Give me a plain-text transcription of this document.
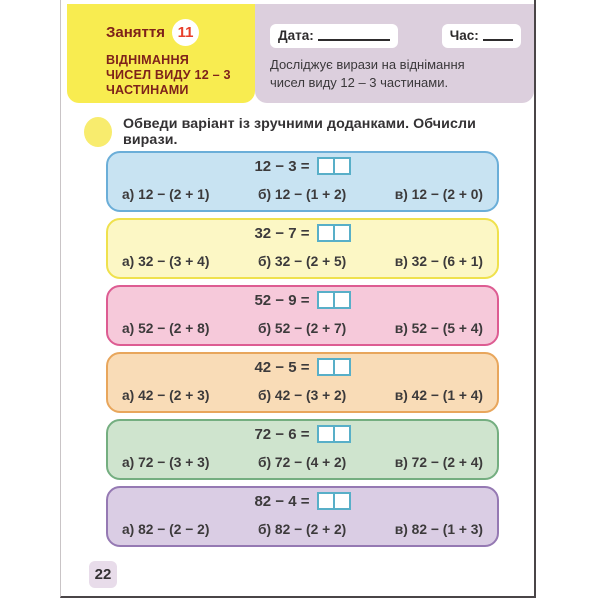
Заняття 11
ВІДНІМАННЯ
ЧИСЕЛ ВИДУ 12 – 3
ЧАСТИНАМИ
Дата:	Час:
Досліджує вирази на віднімання
чисел виду 12 – 3 частинами.
Обведи варіант із зручними доданками. Обчисли вирази.
12 − 3 =
а) 12 − (2 + 1)	б) 12 − (1 + 2)	в) 12 − (2 + 0)
32 − 7 =
а) 32 − (3 + 4)	б) 32 − (2 + 5)	в) 32 − (6 + 1)
52 − 9 =
а) 52 − (2 + 8)	б) 52 − (2 + 7)	в) 52 − (5 + 4)
42 − 5 =
а) 42 − (2 + 3)	б) 42 − (3 + 2)	в) 42 − (1 + 4)
72 − 6 =
а) 72 − (3 + 3)	б) 72 − (4 + 2)	в) 72 − (2 + 4)
82 − 4 =
а) 82 − (2 − 2)	б) 82 − (2 + 2)	в) 82 − (1 + 3)
22
